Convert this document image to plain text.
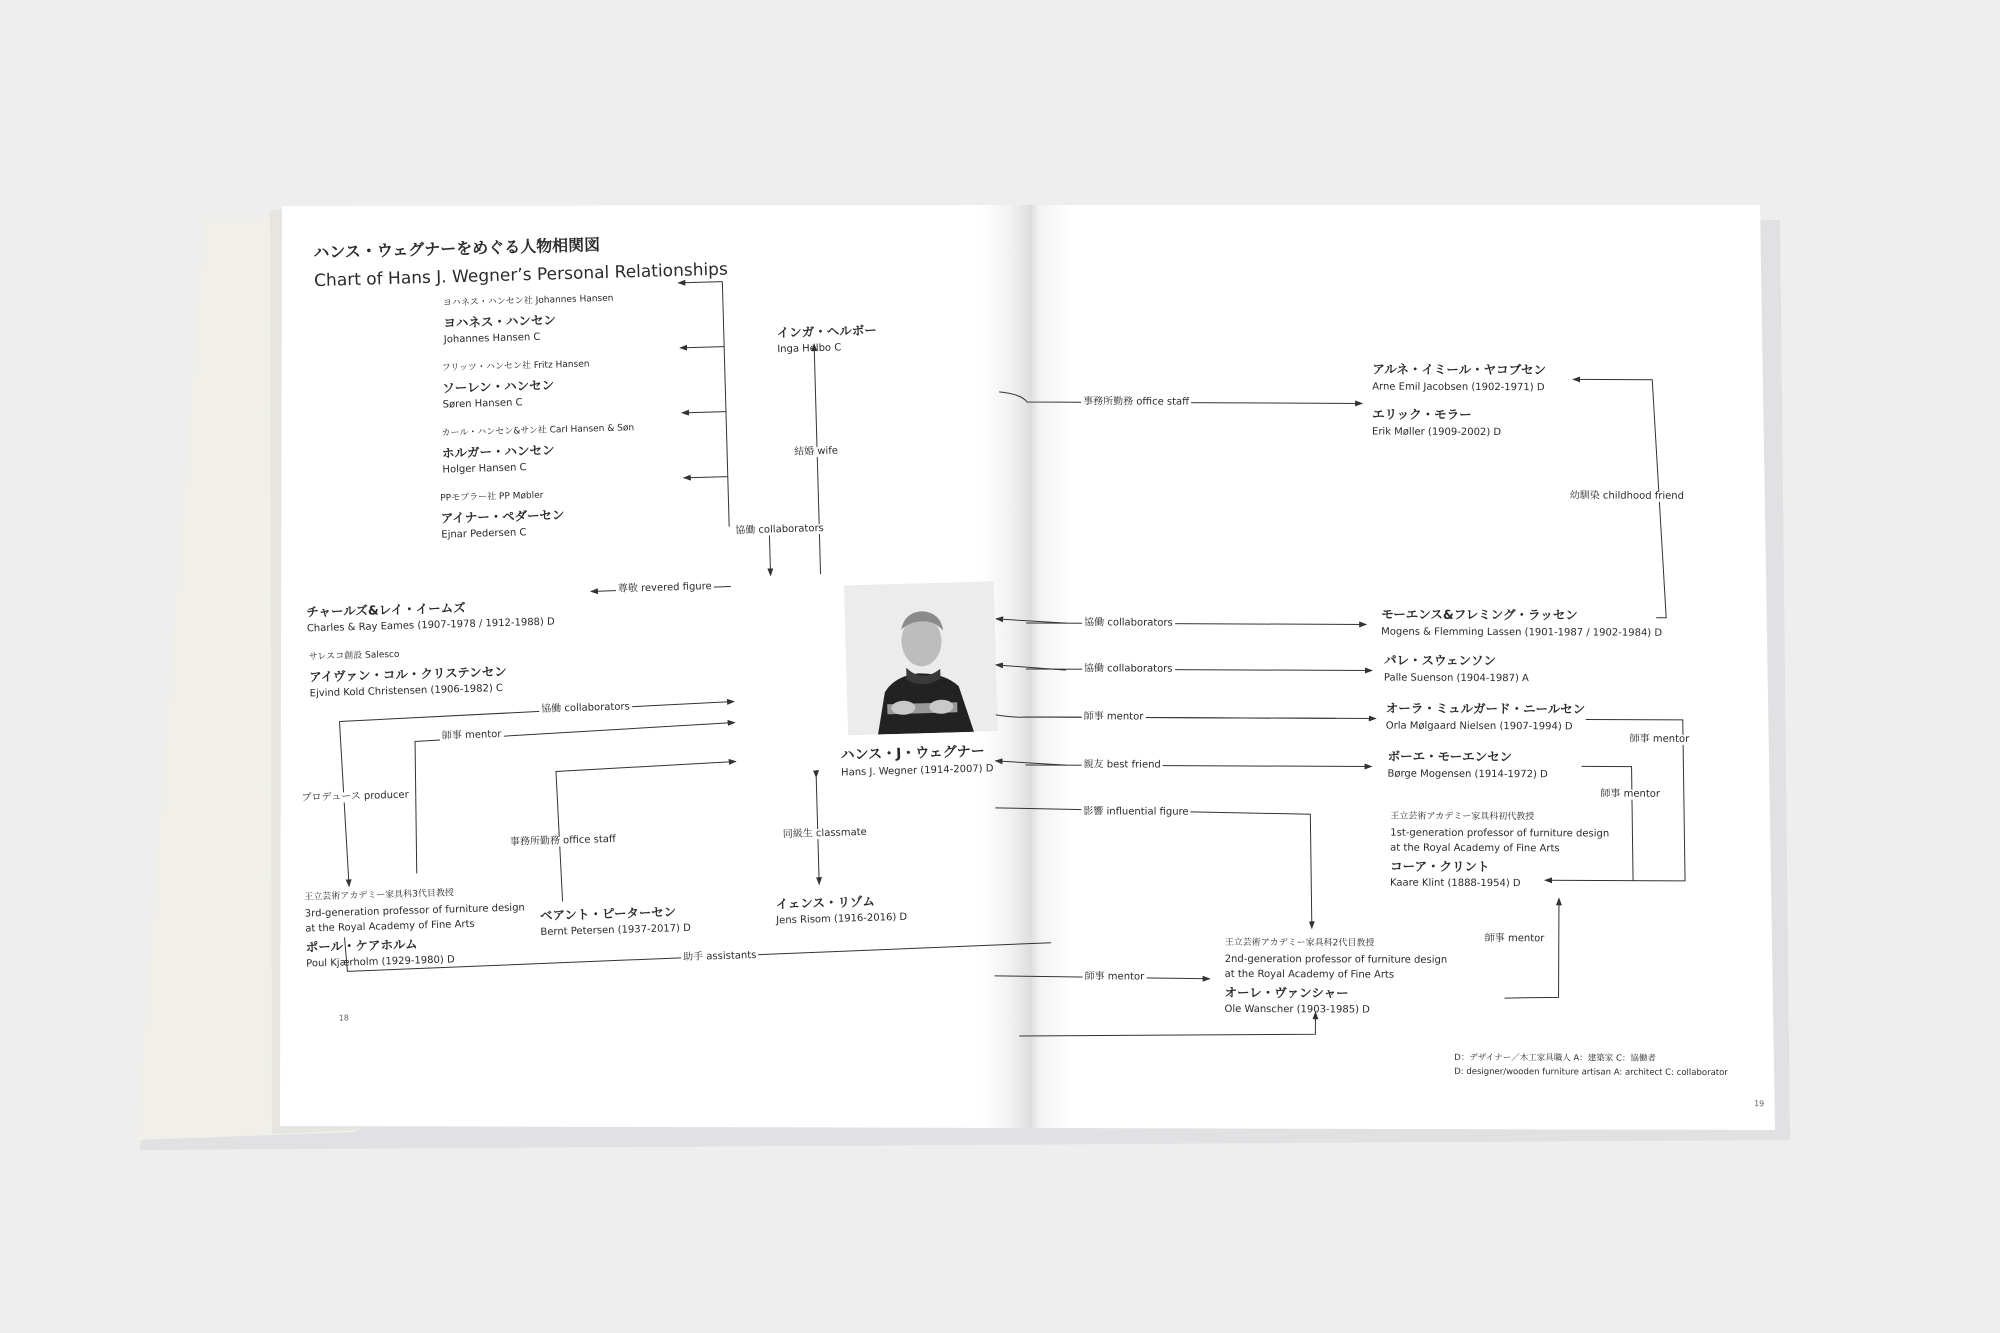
ハンス・ウェグナーをめぐる人物相関図
Chart of Hans J. Wegner’s Personal Relationships
ヨハネス・ハンセン社 Johannes Hansen
ヨハネス・ハンセン
Johannes Hansen C
フリッツ・ハンセン社 Fritz Hansen
ソーレン・ハンセン
Søren Hansen C
カール・ハンセン&サン社 Carl Hansen & Søn
ホルガー・ハンセン
Holger Hansen C
PPモブラー社 PP Møbler
アイナー・ペダーセン
Ejnar Pedersen C	協働 collaborators
インガ・ヘルボー
Inga Helbo C
結婚 wife
尊敬 revered figure
チャールズ&レイ・イームズ
Charles & Ray Eames (1907-1978 / 1912-1988) D
サレスコ創設 Salesco
アイヴァン・コル・クリステンセン
Ejvind Kold Christensen (1906-1982) C
協働 collaborators
師事 mentor
プロデュース producer
ハンス・J・ウェグナー
Hans J. Wegner (1914-2007) D
事務所勤務 office staff
同級生 classmate
王立芸術アカデミー家具科3代目教授
3rd-generation professor of furniture design
at the Royal Academy of Fine Arts
ポール・ケアホルム
Poul Kjærholm (1929-1980) D
ベアント・ピーターセン
Bernt Petersen (1937-2017) D
イェンス・リゾム
Jens Risom (1916-2016) D
助手 assistants
18
事務所勤務 office staff
アルネ・イミール・ヤコブセン
Arne Emil Jacobsen (1902-1971) D
エリック・モラー
Erik Møller (1909-2002) D
幼馴染 childhood friend
協働 collaborators
モーエンス&フレミング・ラッセン
Mogens & Flemming Lassen (1901-1987 / 1902-1984) D
協働 collaborators
パレ・スウェンソン
Palle Suenson (1904-1987) A
師事 mentor
オーラ・ミュルガード・ニールセン
Orla Mølgaard Nielsen (1907-1994) D
師事 mentor
親友 best friend
ボーエ・モーエンセン
Børge Mogensen (1914-1972) D
師事 mentor
影響 influential figure	王立芸術アカデミー家具科初代教授
1st-generation professor of furniture design
at the Royal Academy of Fine Arts
コーア・クリント
Kaare Klint (1888-1954) D
師事 mentor
王立芸術アカデミー家具科2代目教授
2nd-generation professor of furniture design
at the Royal Academy of Fine Arts
オーレ・ヴァンシャー
Ole Wanscher (1903-1985) D
師事 mentor
D：デザイナー／木工家具職人 A：建築家 C：協働者
D: designer/wooden furniture artisan A: architect C: collaborator
19
